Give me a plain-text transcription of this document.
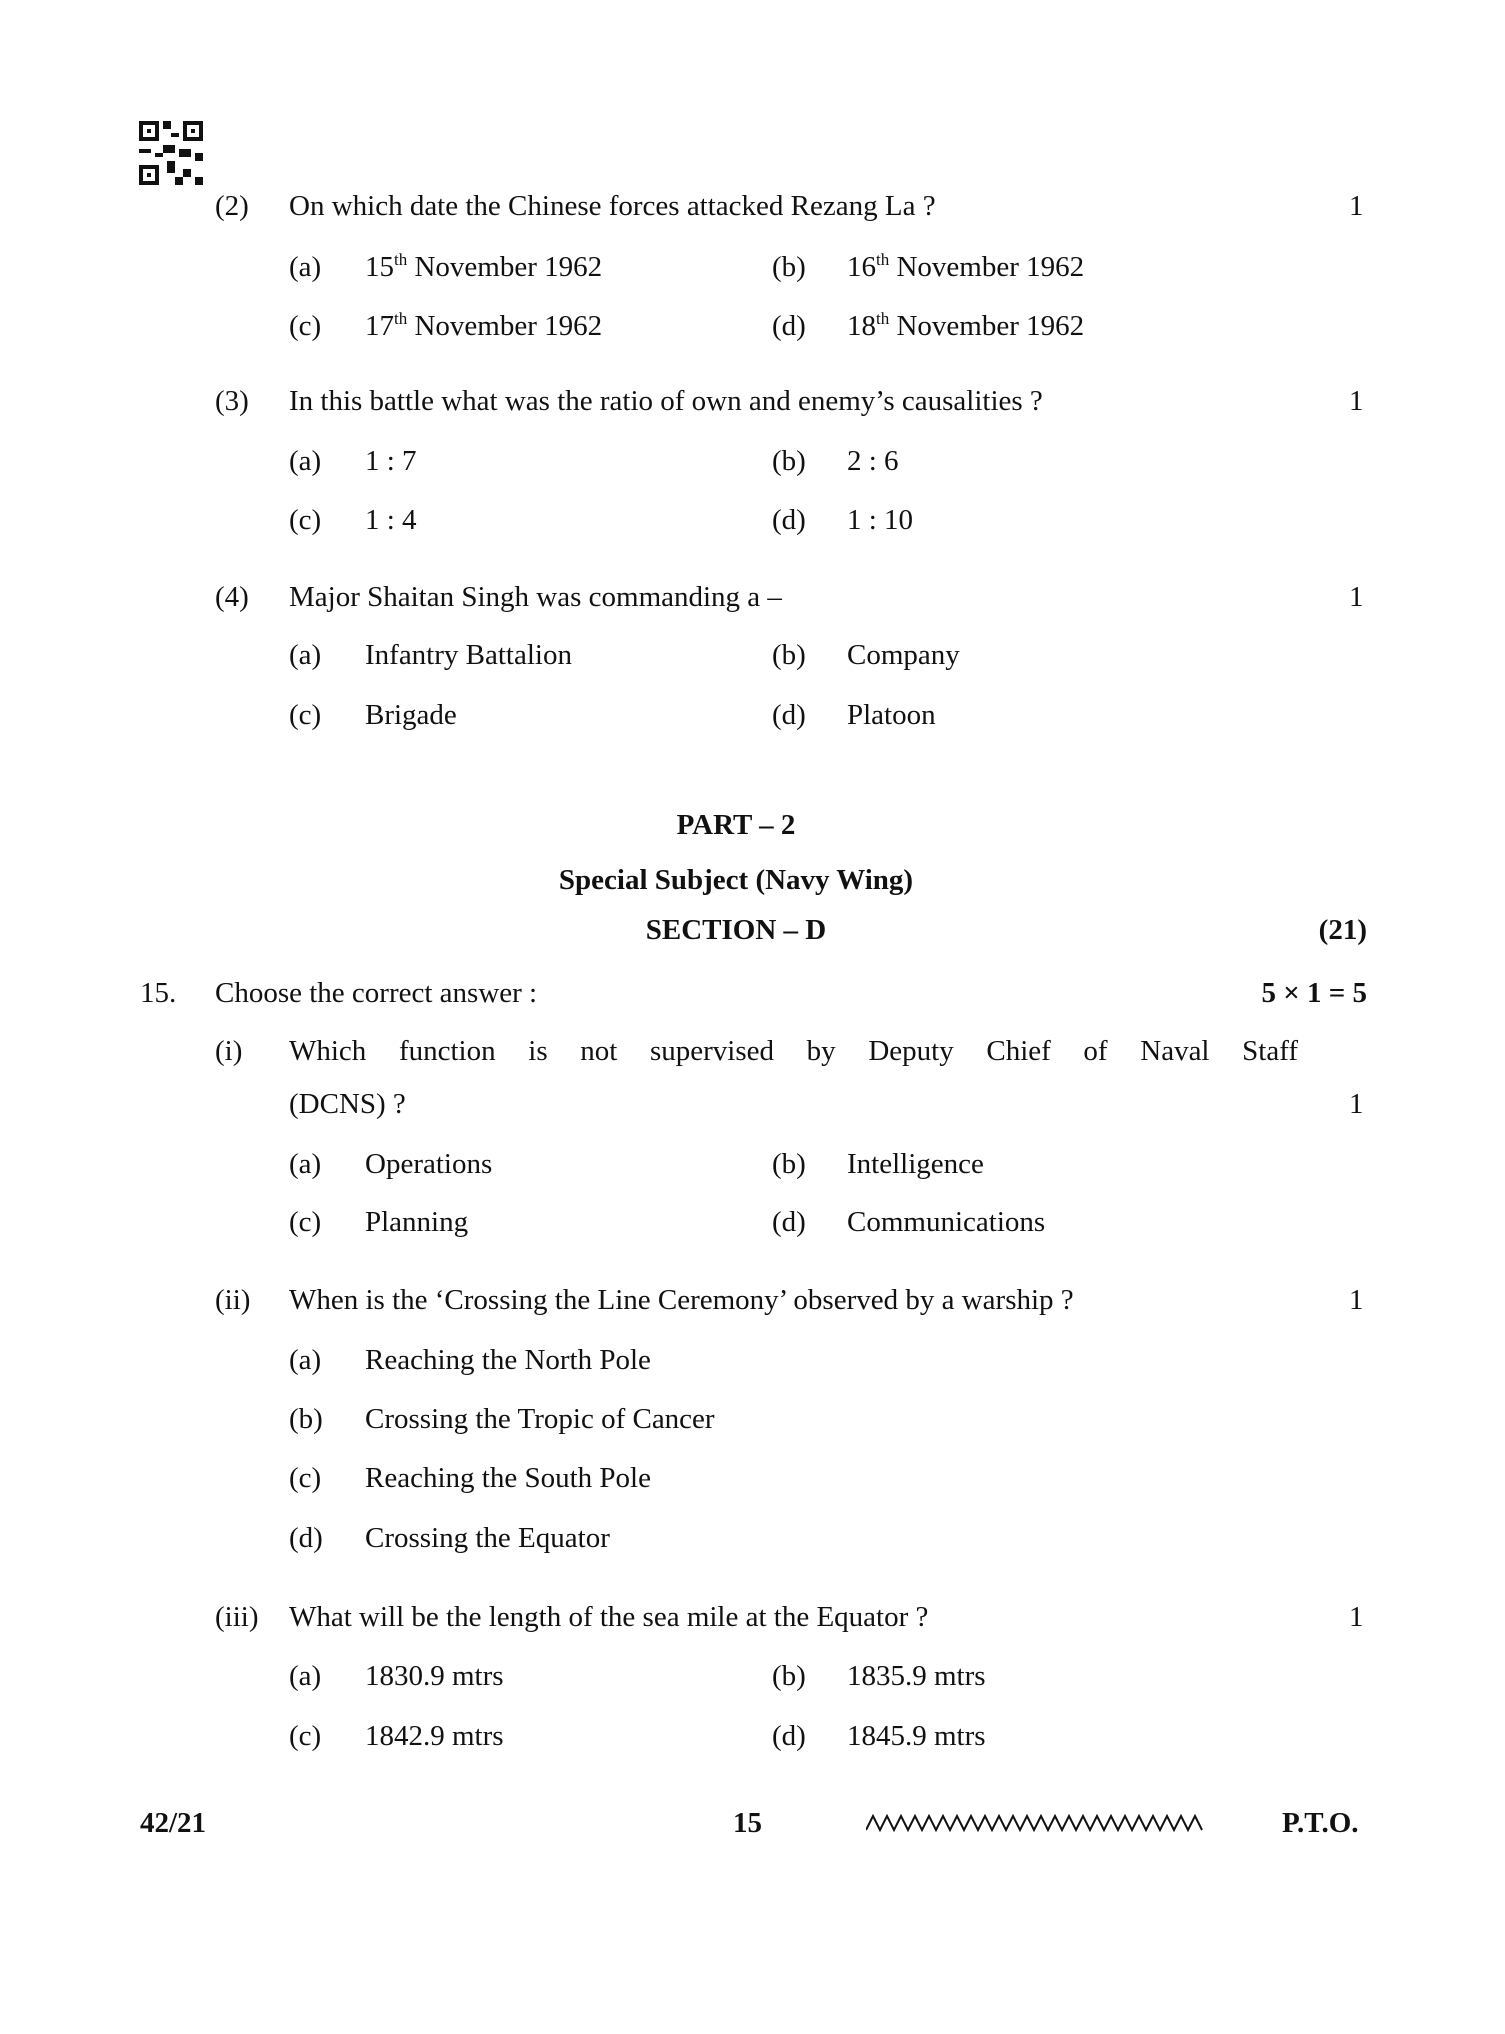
(2) On which date the Chinese forces attacked Rezang La ?	1
(a) 15th November 1962	(b) 16th November 1962
(c) 17th November 1962	(d) 18th November 1962
(3) In this battle what was the ratio of own and enemy’s causalities ?	1
(a) 1 : 7	(b) 2 : 6
(c) 1 : 4	(d) 1 : 10
(4) Major Shaitan Singh was commanding a –	1
(a) Infantry Battalion	(b) Company
(c) Brigade	(d) Platoon
PART – 2
Special Subject (Navy Wing)
SECTION – D	(21)
15. Choose the correct answer :	5 × 1 = 5
(i) Which function is not supervised by Deputy Chief of Naval Staff
(DCNS) ?	1
(a) Operations	(b) Intelligence
(c) Planning	(d) Communications
(ii) When is the ‘Crossing the Line Ceremony’ observed by a warship ?	1
(a) Reaching the North Pole
(b) Crossing the Tropic of Cancer
(c) Reaching the South Pole
(d) Crossing the Equator
(iii) What will be the length of the sea mile at the Equator ?	1
(a) 1830.9 mtrs	(b) 1835.9 mtrs
(c) 1842.9 mtrs	(d) 1845.9 mtrs
42/21	15	P.T.O.
